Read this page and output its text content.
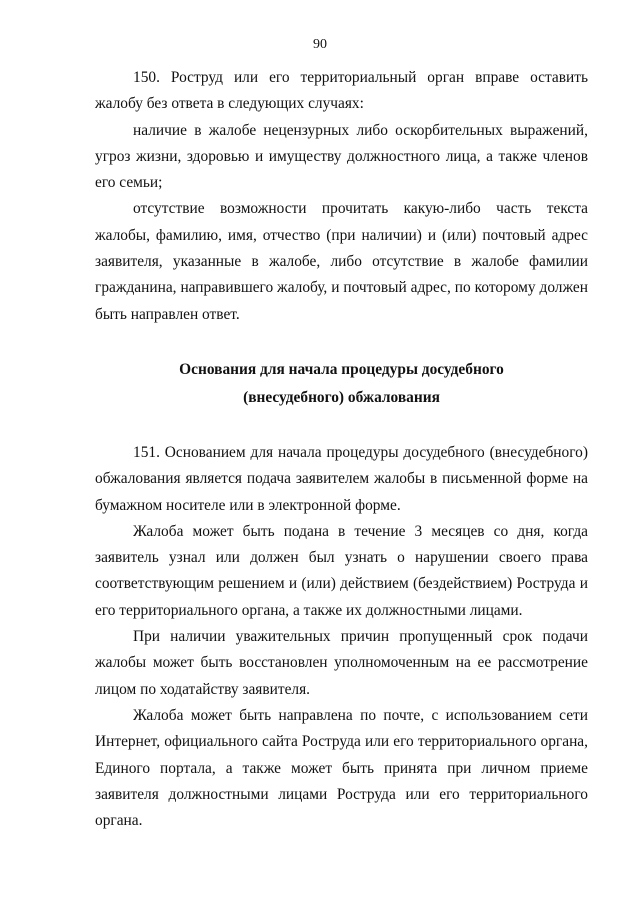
90

150. Роструд или его территориальный орган вправе оставить жалобу без ответа в следующих случаях:

наличие в жалобе нецензурных либо оскорбительных выражений, угроз жизни, здоровью и имуществу должностного лица, а также членов его семьи;

отсутствие возможности прочитать какую-либо часть текста жалобы, фамилию, имя, отчество (при наличии) и (или) почтовый адрес заявителя, указанные в жалобе, либо отсутствие в жалобе фамилии гражданина, направившего жалобу, и почтовый адрес, по которому должен быть направлен ответ.

Основания для начала процедуры досудебного

(внесудебного) обжалования

151. Основанием для начала процедуры досудебного (внесудебного) обжалования является подача заявителем жалобы в письменной форме на бумажном носителе или в электронной форме.

Жалоба может быть подана в течение 3 месяцев со дня, когда заявитель узнал или должен был узнать о нарушении своего права соответствующим решением и (или) действием (бездействием) Роструда и его территориального органа, а также их должностными лицами.

При наличии уважительных причин пропущенный срок подачи жалобы может быть восстановлен уполномоченным на ее рассмотрение лицом по ходатайству заявителя.

Жалоба может быть направлена по почте, с использованием сети Интернет, официального сайта Роструда или его территориального органа, Единого портала, а также может быть принята при личном приеме заявителя должностными лицами Роструда или его территориального органа.
